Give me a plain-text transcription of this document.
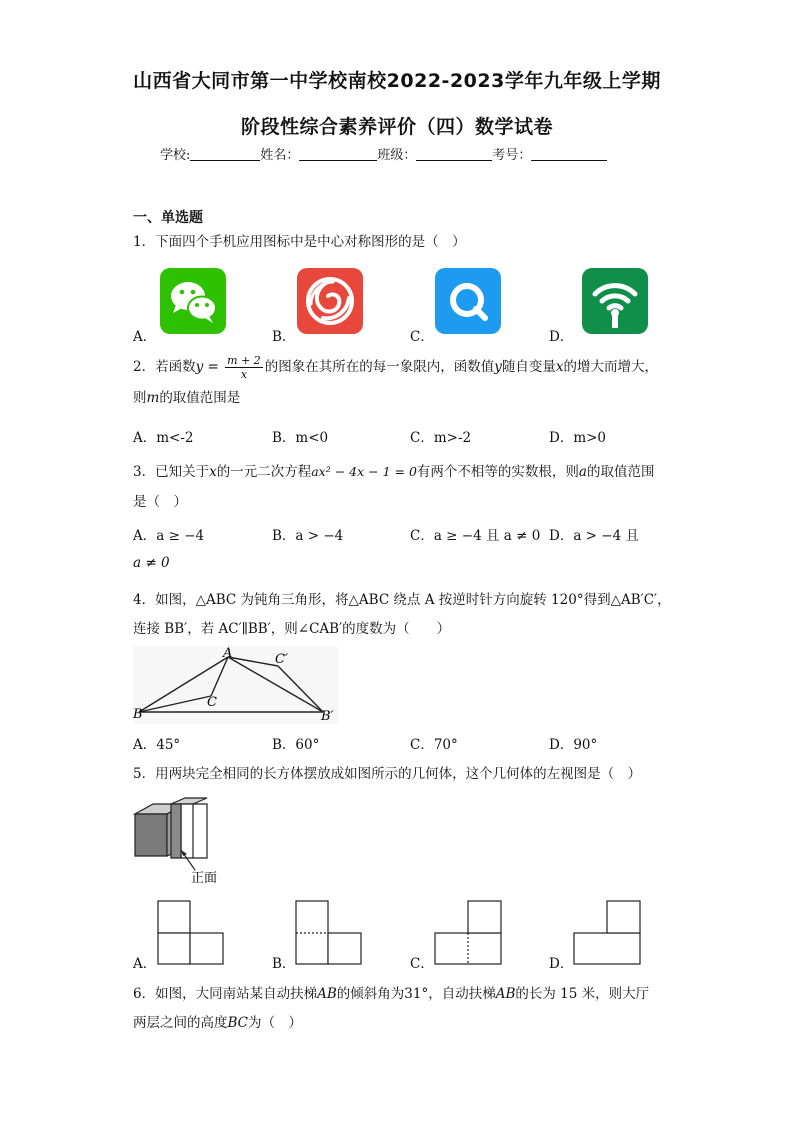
山西省大同市第一中学校南校2022-2023学年九年级上学期
阶段性综合素养评价（四）数学试卷
学校:	姓名：	班级：	考号：
一、单选题
1．下面四个手机应用图标中是中心对称图形的是（　）
A．	B．	C．	D．
2．若函数$y = \frac{m + 2}{x}$ 的图象在其所在的每一象限内，函数值y随自变量x的增大而增大，
则m的取值范围是
A．m<-2	B．m<0	C．m>-2	D．m>0
3．已知关于x的一元二次方程ax² − 4x − 1 = 0有两个不相等的实数根，则a的取值范围
是（　）
A．a ≥ −4	B．a > −4	C．a ≥ −4 且 a ≠ 0 D．a > −4 且
a ≠ 0
4．如图，△ABC 为钝角三角形，将△ABC 绕点 A 按逆时针方向旋转 120°得到△AB′C′，
连接 BB′，若 AC′∥BB′，则∠CAB′的度数为（　　）
A
C
C′
B	B′
A．45°	B．60°	C．70°	D．90°
5．用两块完全相同的长方体摆放成如图所示的几何体，这个几何体的左视图是（　）
正面
A．	B．	C．	D．
6．如图，大同南站某自动扶梯AB的倾斜角为31°，自动扶梯AB的长为 15 米，则大厅
两层之间的高度BC为（　）
